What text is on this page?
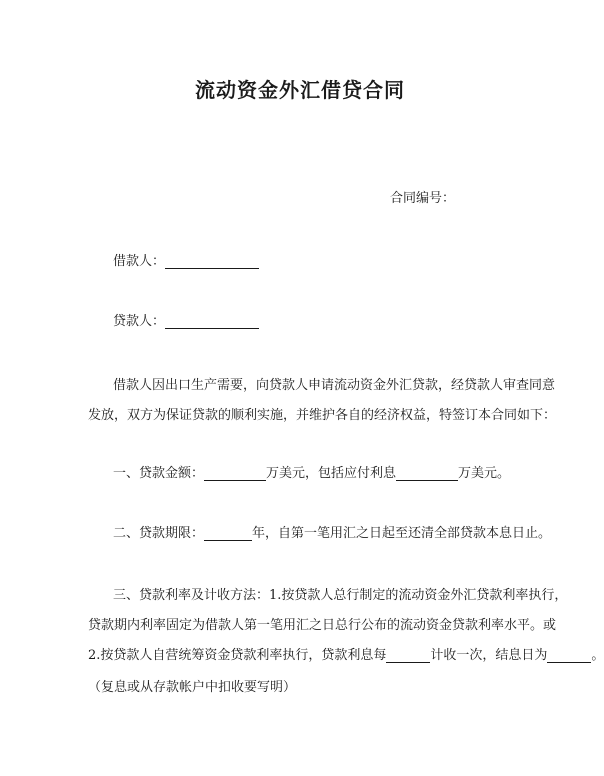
流动资金外汇借贷合同
合同编号：
借款人：
贷款人：
借款人因出口生产需要，向贷款人申请流动资金外汇贷款，经贷款人审查同意
发放，双方为保证贷款的顺利实施，并维护各自的经济权益，特签订本合同如下：
一、贷款金额：	万美元，包括应付利息	万美元。
二、贷款期限：	年，自第一笔用汇之日起至还清全部贷款本息日止。
三、贷款利率及计收方法：1.按贷款人总行制定的流动资金外汇贷款利率执行，
贷款期内利率固定为借款人第一笔用汇之日总行公布的流动资金贷款利率水平。或
2.按贷款人自营统筹资金贷款利率执行，贷款利息每	计收一次，结息日为	。
（复息或从存款帐户中扣收要写明）
